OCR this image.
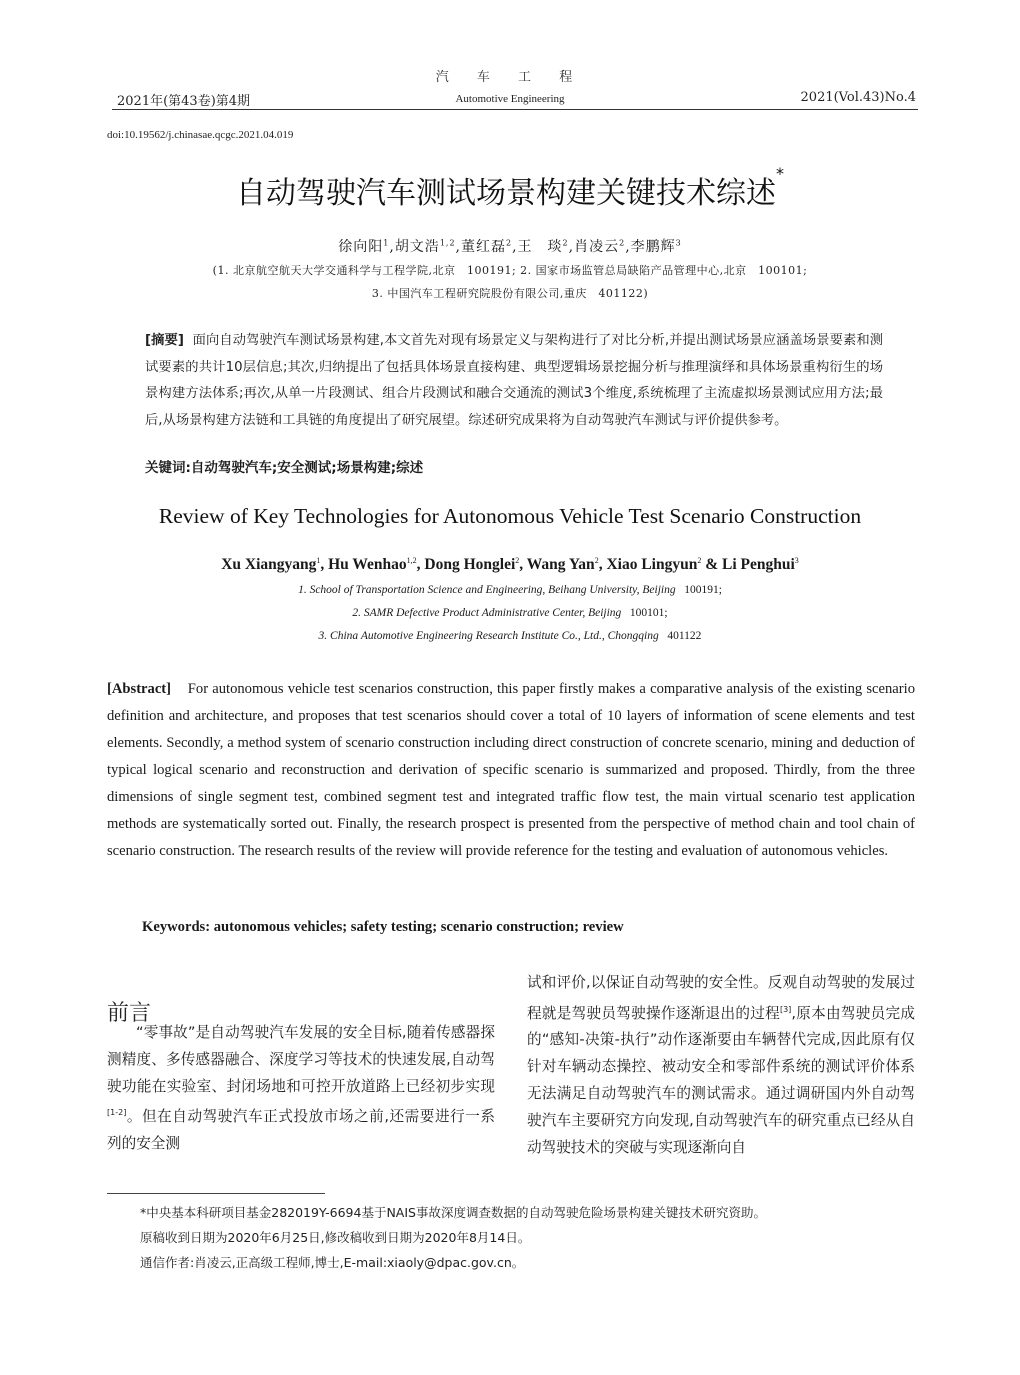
汽 车 工 程
2021年(第43卷)第4期	Automotive Engineering	2021(Vol.43)No.4
doi:10.19562/j.chinasae.qcgc.2021.04.019
自动驾驶汽车测试场景构建关键技术综述*
徐向阳$^1$,胡文浩$^{1,2}$,董红磊$^2$,王　琰$^2$,肖凌云$^2$,李鹏辉$^3$
(1. 北京航空航天大学交通科学与工程学院,北京　100191; 2. 国家市场监管总局缺陷产品管理中心,北京　100101;
3. 中国汽车工程研究院股份有限公司,重庆　401122)
[摘要] 面向自动驾驶汽车测试场景构建,本文首先对现有场景定义与架构进行了对比分析,并提出测试场景应涵盖场景要素和测试要素的共计10层信息;其次,归纳提出了包括具体场景直接构建、典型逻辑场景挖掘分析与推理演绎和具体场景重构衍生的场景构建方法体系;再次,从单一片段测试、组合片段测试和融合交通流的测试3个维度,系统梳理了主流虚拟场景测试应用方法;最后,从场景构建方法链和工具链的角度提出了研究展望。综述研究成果将为自动驾驶汽车测试与评价提供参考。
关键词:自动驾驶汽车;安全测试;场景构建;综述
Review of Key Technologies for Autonomous Vehicle Test Scenario Construction
Xu Xiangyang$^1$, Hu Wenhao$^{1,2}$, Dong Honglei$^2$, Wang Yan$^2$, Xiao Lingyun$^2$ & Li Penghui$^3$
1. School of Transportation Science and Engineering, Beihang University, Beijing 100191;
2. SAMR Defective Product Administrative Center, Beijing 100101;
3. China Automotive Engineering Research Institute Co., Ltd., Chongqing 401122
[Abstract] For autonomous vehicle test scenarios construction, this paper firstly makes a comparative analysis of the existing scenario definition and architecture, and proposes that test scenarios should cover a total of 10 layers of information of scene elements and test elements. Secondly, a method system of scenario construction including direct construction of concrete scenario, mining and deduction of typical logical scenario and reconstruction and derivation of specific scenario is summarized and proposed. Thirdly, from the three dimensions of single segment test, combined segment test and integrated traffic flow test, the main virtual scenario test application methods are systematically sorted out. Finally, the research prospect is presented from the perspective of method chain and tool chain of scenario construction. The research results of the review will provide reference for the testing and evaluation of autonomous vehicles.
Keywords: autonomous vehicles; safety testing; scenario construction; review
前言
“零事故”是自动驾驶汽车发展的安全目标,随着传感器探测精度、多传感器融合、深度学习等技术的快速发展,自动驾驶功能在实验室、封闭场地和可控开放道路上已经初步实现[1-2]。但在自动驾驶汽车正式投放市场之前,还需要进行一系列的安全测
试和评价,以保证自动驾驶的安全性。反观自动驾驶的发展过程就是驾驶员驾驶操作逐渐退出的过程[3],原本由驾驶员完成的“感知-决策-执行”动作逐渐要由车辆替代完成,因此原有仅针对车辆动态操控、被动安全和零部件系统的测试评价体系无法满足自动驾驶汽车的测试需求。通过调研国内外自动驾驶汽车主要研究方向发现,自动驾驶汽车的研究重点已经从自动驾驶技术的突破与实现逐渐向自
*中央基本科研项目基金282019Y-6694基于NAIS事故深度调查数据的自动驾驶危险场景构建关键技术研究资助。
原稿收到日期为2020年6月25日,修改稿收到日期为2020年8月14日。
通信作者:肖凌云,正高级工程师,博士,E-mail:xiaoly@dpac.gov.cn。
